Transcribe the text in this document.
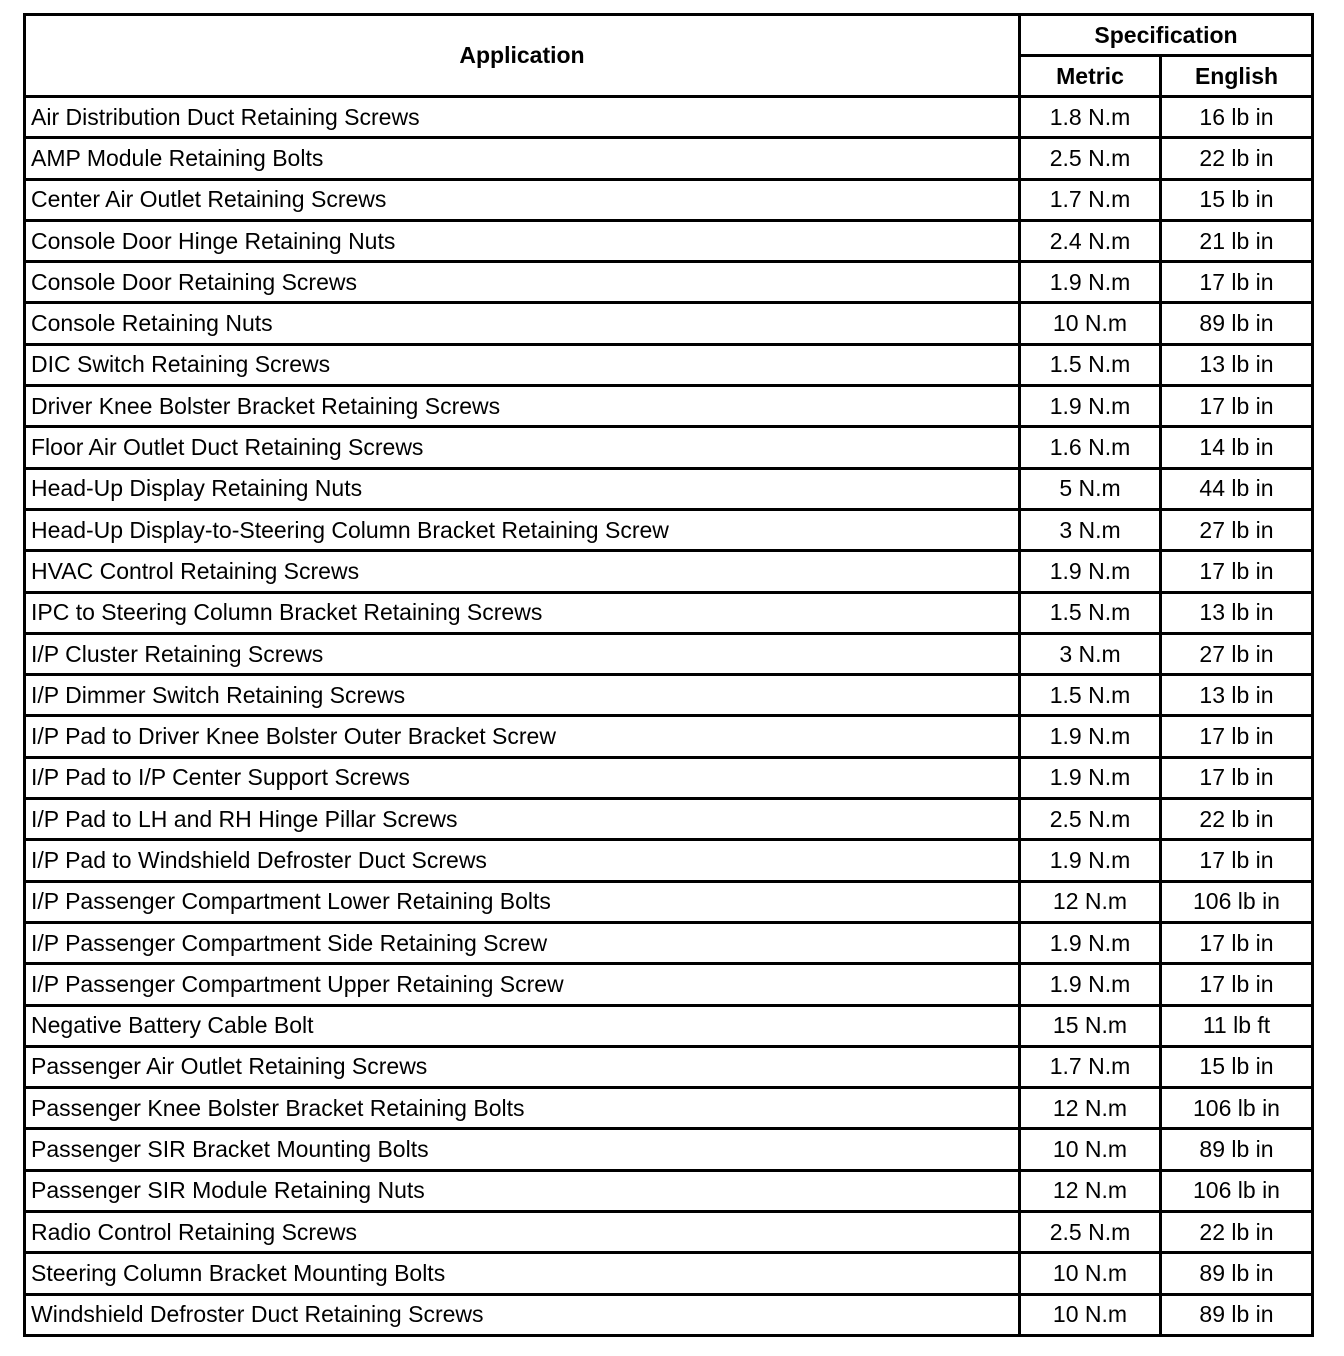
Application	Specification	
	Metric	English
Air Distribution Duct Retaining Screws	1.8 N.m	16 lb in
AMP Module Retaining Bolts	2.5 N.m	22 lb in
Center Air Outlet Retaining Screws	1.7 N.m	15 lb in
Console Door Hinge Retaining Nuts	2.4 N.m	21 lb in
Console Door Retaining Screws	1.9 N.m	17 lb in
Console Retaining Nuts	10 N.m	89 lb in
DIC Switch Retaining Screws	1.5 N.m	13 lb in
Driver Knee Bolster Bracket Retaining Screws	1.9 N.m	17 lb in
Floor Air Outlet Duct Retaining Screws	1.6 N.m	14 lb in
Head-Up Display Retaining Nuts	5 N.m	44 lb in
Head-Up Display-to-Steering Column Bracket Retaining Screw	3 N.m	27 lb in
HVAC Control Retaining Screws	1.9 N.m	17 lb in
IPC to Steering Column Bracket Retaining Screws	1.5 N.m	13 lb in
I/P Cluster Retaining Screws	3 N.m	27 lb in
I/P Dimmer Switch Retaining Screws	1.5 N.m	13 lb in
I/P Pad to Driver Knee Bolster Outer Bracket Screw	1.9 N.m	17 lb in
I/P Pad to I/P Center Support Screws	1.9 N.m	17 lb in
I/P Pad to LH and RH Hinge Pillar Screws	2.5 N.m	22 lb in
I/P Pad to Windshield Defroster Duct Screws	1.9 N.m	17 lb in
I/P Passenger Compartment Lower Retaining Bolts	12 N.m	106 lb in
I/P Passenger Compartment Side Retaining Screw	1.9 N.m	17 lb in
I/P Passenger Compartment Upper Retaining Screw	1.9 N.m	17 lb in
Negative Battery Cable Bolt	15 N.m	11 lb ft
Passenger Air Outlet Retaining Screws	1.7 N.m	15 lb in
Passenger Knee Bolster Bracket Retaining Bolts	12 N.m	106 lb in
Passenger SIR Bracket Mounting Bolts	10 N.m	89 lb in
Passenger SIR Module Retaining Nuts	12 N.m	106 lb in
Radio Control Retaining Screws	2.5 N.m	22 lb in
Steering Column Bracket Mounting Bolts	10 N.m	89 lb in
Windshield Defroster Duct Retaining Screws	10 N.m	89 lb in
